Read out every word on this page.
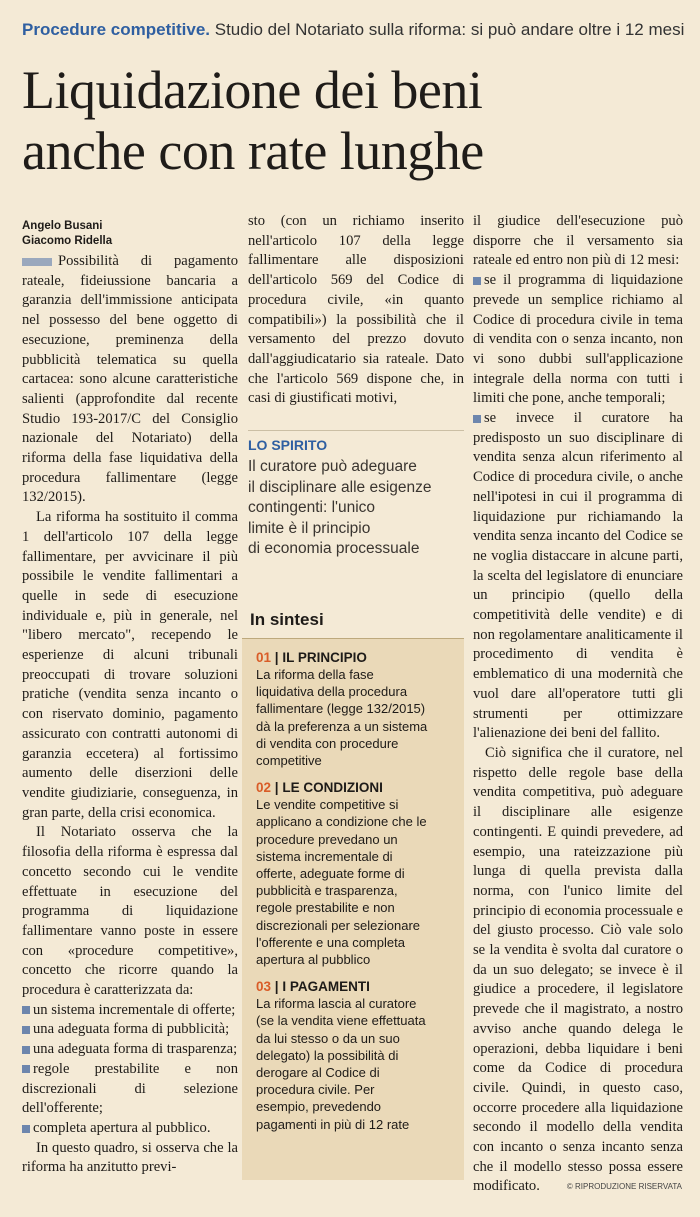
Procedure competitive. Studio del Notariato sulla riforma: si può andare oltre i 12 mesi
Liquidazione dei beni
anche con rate lunghe
Angelo Busani
Giacomo Ridella

Possibilità di pagamento rateale, fideiussione bancaria a garanzia dell'immissione anticipata nel possesso del bene oggetto di esecuzione, preminenza della pubblicità telematica su quella cartacea: sono alcune caratteristiche salienti (approfondite dal recente Studio 193-2017/C del Consiglio nazionale del Notariato) della riforma della fase liquidativa della procedura fallimentare (legge 132/2015).

La riforma ha sostituito il comma 1 dell'articolo 107 della legge fallimentare, per avvicinare il più possibile le vendite fallimentari a quelle in sede di esecuzione individuale e, più in generale, nel "libero mercato", recependo le esperienze di alcuni tribunali preoccupati di trovare soluzioni pratiche (vendita senza incanto o con riservato dominio, pagamento assicurato con contratti autonomi di garanzia eccetera) al fortissimo aumento delle diserzioni delle vendite giudiziarie, conseguenza, in gran parte, della crisi economica.

Il Notariato osserva che la filosofia della riforma è espressa dal concetto secondo cui le vendite effettuate in esecuzione del programma di liquidazione fallimentare vanno poste in essere con «procedure competitive», concetto che ricorre quando la procedura è caratterizzata da:

un sistema incrementale di offerte;
una adeguata forma di pubblicità;
una adeguata forma di trasparenza;
regole prestabilite e non discrezionali di selezione dell'offerente;
completa apertura al pubblico.

In questo quadro, si osserva che la riforma ha anzitutto previ-

sto (con un richiamo inserito nell'articolo 107 della legge fallimentare alle disposizioni dell'articolo 569 del Codice di procedura civile, «in quanto compatibili») la possibilità che il versamento del prezzo dovuto dall'aggiudicatario sia rateale. Dato che l'articolo 569 dispone che, in casi di giustificati motivi,

LO SPIRITO
Il curatore può adeguare
il disciplinare alle esigenze
contingenti: l'unico
limite è il principio
di economia processuale
In sintesi
01 | IL PRINCIPIO
La riforma della fase
liquidativa della procedura
fallimentare (legge 132/2015)
dà la preferenza a un sistema
di vendita con procedure
competitive
02 | LE CONDIZIONI
Le vendite competitive si
applicano a condizione che le
procedure prevedano un
sistema incrementale di
offerte, adeguate forme di
pubblicità e trasparenza,
regole prestabilite e non
discrezionali per selezionare
l'offerente e una completa
apertura al pubblico
03 | I PAGAMENTI
La riforma lascia al curatore
(se la vendita viene effettuata
da lui stesso o da un suo
delegato) la possibilità di
derogare al Codice di
procedura civile. Per
esempio, prevedendo
pagamenti in più di 12 rate

il giudice dell'esecuzione può disporre che il versamento sia rateale ed entro non più di 12 mesi:

se il programma di liquidazione prevede un semplice richiamo al Codice di procedura civile in tema di vendita con o senza incanto, non vi sono dubbi sull'applicazione integrale della norma con tutti i limiti che pone, anche temporali;
se invece il curatore ha predisposto un suo disciplinare di vendita senza alcun riferimento al Codice di procedura civile, o anche nell'ipotesi in cui il programma di liquidazione pur richiamando la vendita senza incanto del Codice se ne voglia distaccare in alcune parti, la scelta del legislatore di enunciare un principio (quello della competitività delle vendite) e di non regolamentare analiticamente il procedimento di vendita è emblematico di una modernità che vuol dare all'operatore tutti gli strumenti per ottimizzare l'alienazione dei beni del fallito.

Ciò significa che il curatore, nel rispetto delle regole base della vendita competitiva, può adeguare il disciplinare alle esigenze contingenti. E quindi prevedere, ad esempio, una rateizzazione più lunga di quella prevista dalla norma, con l'unico limite del principio di economia processuale e del giusto processo. Ciò vale solo se la vendita è svolta dal curatore o da un suo delegato; se invece è il giudice a procedere, il legislatore prevede che il magistrato, a nostro avviso anche quando delega le operazioni, debba liquidare i beni come da Codice di procedura civile. Quindi, in questo caso, occorre procedere alla liquidazione secondo il modello della vendita con incanto o senza incanto senza che il modello stesso possa essere modificato.	© RIPRODUZIONE RISERVATA
